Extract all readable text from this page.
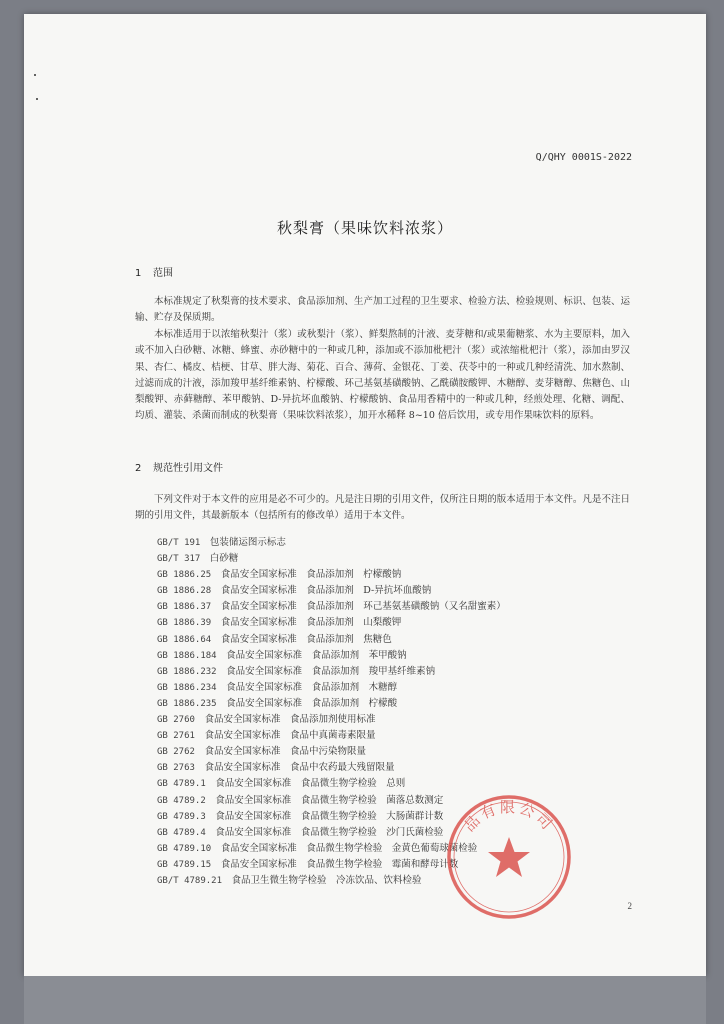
Q/QHY 0001S-2022
秋梨膏（果味饮料浓浆）
1 范围

本标准规定了秋梨膏的技术要求、食品添加剂、生产加工过程的卫生要求、检验方法、检验规则、标识、包装、运输、贮存及保质期。

本标准适用于以浓缩秋梨汁（浆）或秋梨汁（浆）、鲜梨熬制的汁液、麦芽糖和/或果葡糖浆、水为主要原料，加入或不加入白砂糖、冰糖、蜂蜜、赤砂糖中的一种或几种，添加或不添加枇杷汁（浆）或浓缩枇杷汁（浆），添加由罗汉果、杏仁、橘皮、桔梗、甘草、胖大海、菊花、百合、薄荷、金银花、丁姜、茯苓中的一种或几种经清洗、加水熬制、过滤而成的汁液，添加羧甲基纤维素钠、柠檬酸、环己基氨基磺酸钠、乙酰磺胺酸钾、木糖醇、麦芽糖醇、焦糖色、山梨酸钾、赤藓糖醇、苯甲酸钠、D-异抗坏血酸钠、柠檬酸钠、食品用香精中的一种或几种，经煎处理、化糖、调配、均质、灌装、杀菌而制成的秋梨膏（果味饮料浓浆），加开水稀释 8~10 倍后饮用，或专用作果味饮料的原料。

2 规范性引用文件

下列文件对于本文件的应用是必不可少的。凡是注日期的引用文件，仅所注日期的版本适用于本文件。凡是不注日期的引用文件，其最新版本（包括所有的修改单）适用于本文件。

GB/T 191　 包装储运图示标志
GB/T 317　 白砂糖
GB 1886.25　 食品安全国家标准　食品添加剂　柠檬酸钠
GB 1886.28　 食品安全国家标准　食品添加剂　D-异抗坏血酸钠
GB 1886.37　 食品安全国家标准　食品添加剂　环己基氨基磺酸钠（又名甜蜜素）
GB 1886.39　 食品安全国家标准　食品添加剂　山梨酸钾
GB 1886.64　 食品安全国家标准　食品添加剂　焦糖色
GB 1886.184　 食品安全国家标准　食品添加剂　苯甲酸钠
GB 1886.232　 食品安全国家标准　食品添加剂　羧甲基纤维素钠
GB 1886.234　 食品安全国家标准　食品添加剂　木糖醇
GB 1886.235　 食品安全国家标准　食品添加剂　柠檬酸
GB 2760　 食品安全国家标准　食品添加剂使用标准
GB 2761　 食品安全国家标准　食品中真菌毒素限量
GB 2762　 食品安全国家标准　食品中污染物限量
GB 2763　 食品安全国家标准　食品中农药最大残留限量
GB 4789.1　 食品安全国家标准　食品微生物学检验　总则
GB 4789.2　 食品安全国家标准　食品微生物学检验　菌落总数测定
GB 4789.3　 食品安全国家标准　食品微生物学检验　大肠菌群计数
GB 4789.4　 食品安全国家标准　食品微生物学检验　沙门氏菌检验
GB 4789.10　 食品安全国家标准　食品微生物学检验　金黄色葡萄球菌检验
GB 4789.15　 食品安全国家标准　食品微生物学检验　霉菌和酵母计数
GB/T 4789.21　 食品卫生微生物学检验　冷冻饮品、饮料检验
品有限公司
2
